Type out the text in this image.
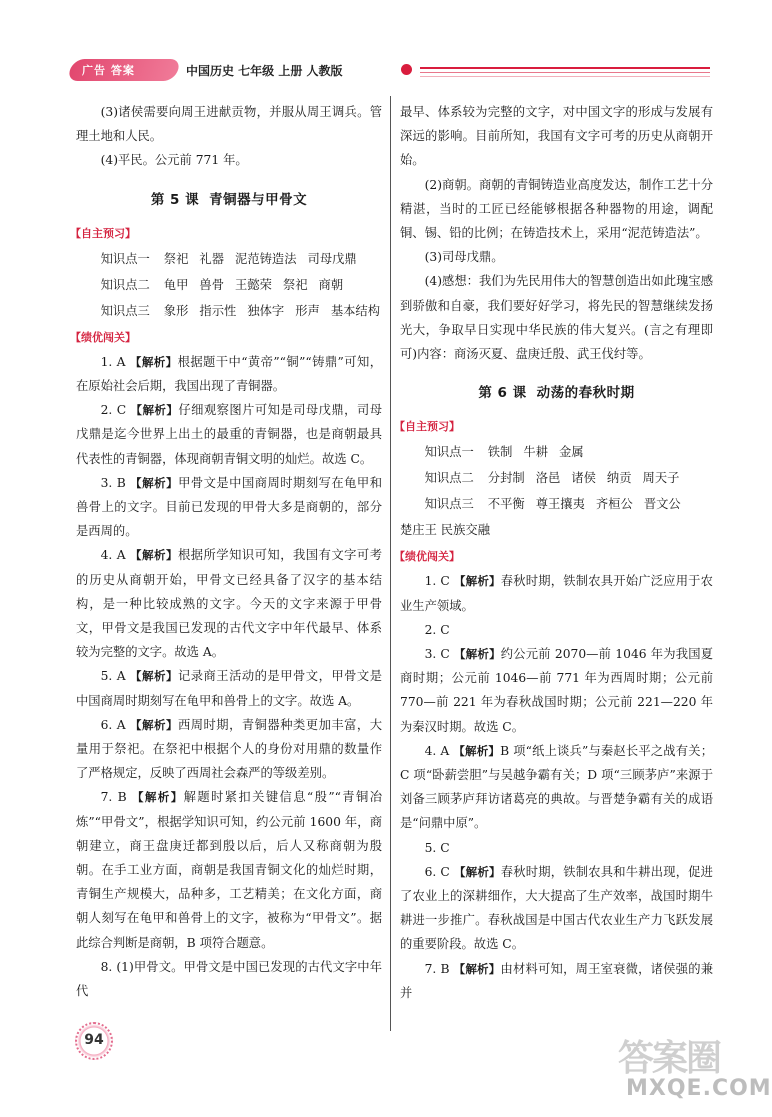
广告 答案	中国历史 七年级 上册 人教版

(3)诸侯需要向周王进献贡物，并服从周王调兵。管理土地和人民。

(4)平民。公元前 771 年。

第 5 课 青铜器与甲骨文
【自主预习】

知识点一 祭祀 礼器 泥范铸造法 司母戊鼎

知识点二 龟甲 兽骨 王懿荣 祭祀 商朝

知识点三 象形 指示性 独体字 形声 基本结构

【绩优闯关】

1. A 【解析】根据题干中“黄帝”“铜”“铸鼎”可知，在原始社会后期，我国出现了青铜器。

2. C 【解析】仔细观察图片可知是司母戊鼎，司母戊鼎是迄今世界上出土的最重的青铜器，也是商朝最具代表性的青铜器，体现商朝青铜文明的灿烂。故选 C。

3. B 【解析】甲骨文是中国商周时期刻写在龟甲和兽骨上的文字。目前已发现的甲骨大多是商朝的，部分是西周的。

4. A 【解析】根据所学知识可知，我国有文字可考的历史从商朝开始，甲骨文已经具备了汉字的基本结构，是一种比较成熟的文字。今天的文字来源于甲骨文，甲骨文是我国已发现的古代文字中年代最早、体系较为完整的文字。故选 A。

5. A 【解析】记录商王活动的是甲骨文，甲骨文是中国商周时期刻写在龟甲和兽骨上的文字。故选 A。

6. A 【解析】西周时期，青铜器种类更加丰富，大量用于祭祀。在祭祀中根据个人的身份对用鼎的数量作了严格规定，反映了西周社会森严的等级差别。

7. B 【解析】解题时紧扣关键信息“殷”“青铜冶炼”“甲骨文”，根据学知识可知，约公元前 1600 年，商朝建立，商王盘庚迁都到殷以后，后人又称商朝为殷朝。在手工业方面，商朝是我国青铜文化的灿烂时期，青铜生产规模大，品种多，工艺精美；在文化方面，商朝人刻写在龟甲和兽骨上的文字，被称为“甲骨文”。据此综合判断是商朝，B 项符合题意。

8. (1)甲骨文。甲骨文是中国已发现的古代文字中年代

最早、体系较为完整的文字，对中国文字的形成与发展有深远的影响。目前所知，我国有文字可考的历史从商朝开始。

(2)商朝。商朝的青铜铸造业高度发达，制作工艺十分精湛，当时的工匠已经能够根据各种器物的用途，调配铜、锡、铅的比例；在铸造技术上，采用“泥范铸造法”。

(3)司母戊鼎。

(4)感想：我们为先民用伟大的智慧创造出如此瑰宝感到骄傲和自豪，我们要好好学习，将先民的智慧继续发扬光大，争取早日实现中华民族的伟大复兴。(言之有理即可)内容：商汤灭夏、盘庚迁殷、武王伐纣等。

第 6 课 动荡的春秋时期
【自主预习】

知识点一 铁制 牛耕 金属

知识点二 分封制 洛邑 诸侯 纳贡 周天子

知识点三 不平衡 尊王攘夷 齐桓公 晋文公

楚庄王 民族交融

【绩优闯关】

1. C 【解析】春秋时期，铁制农具开始广泛应用于农业生产领域。

2. C

3. C 【解析】约公元前 2070—前 1046 年为我国夏商时期；公元前 1046—前 771 年为西周时期；公元前 770—前 221 年为春秋战国时期；公元前 221—220 年为秦汉时期。故选 C。

4. A 【解析】B 项“纸上谈兵”与秦赵长平之战有关；C 项“卧薪尝胆”与吴越争霸有关；D 项“三顾茅庐”来源于刘备三顾茅庐拜访诸葛亮的典故。与晋楚争霸有关的成语是“问鼎中原”。

5. C

6. C 【解析】春秋时期，铁制农具和牛耕出现，促进了农业上的深耕细作，大大提高了生产效率，战国时期牛耕进一步推广。春秋战国是中国古代农业生产力飞跃发展的重要阶段。故选 C。

7. B 【解析】由材料可知，周王室衰微，诸侯强的兼并

94	答案圈
MXQE.COM
